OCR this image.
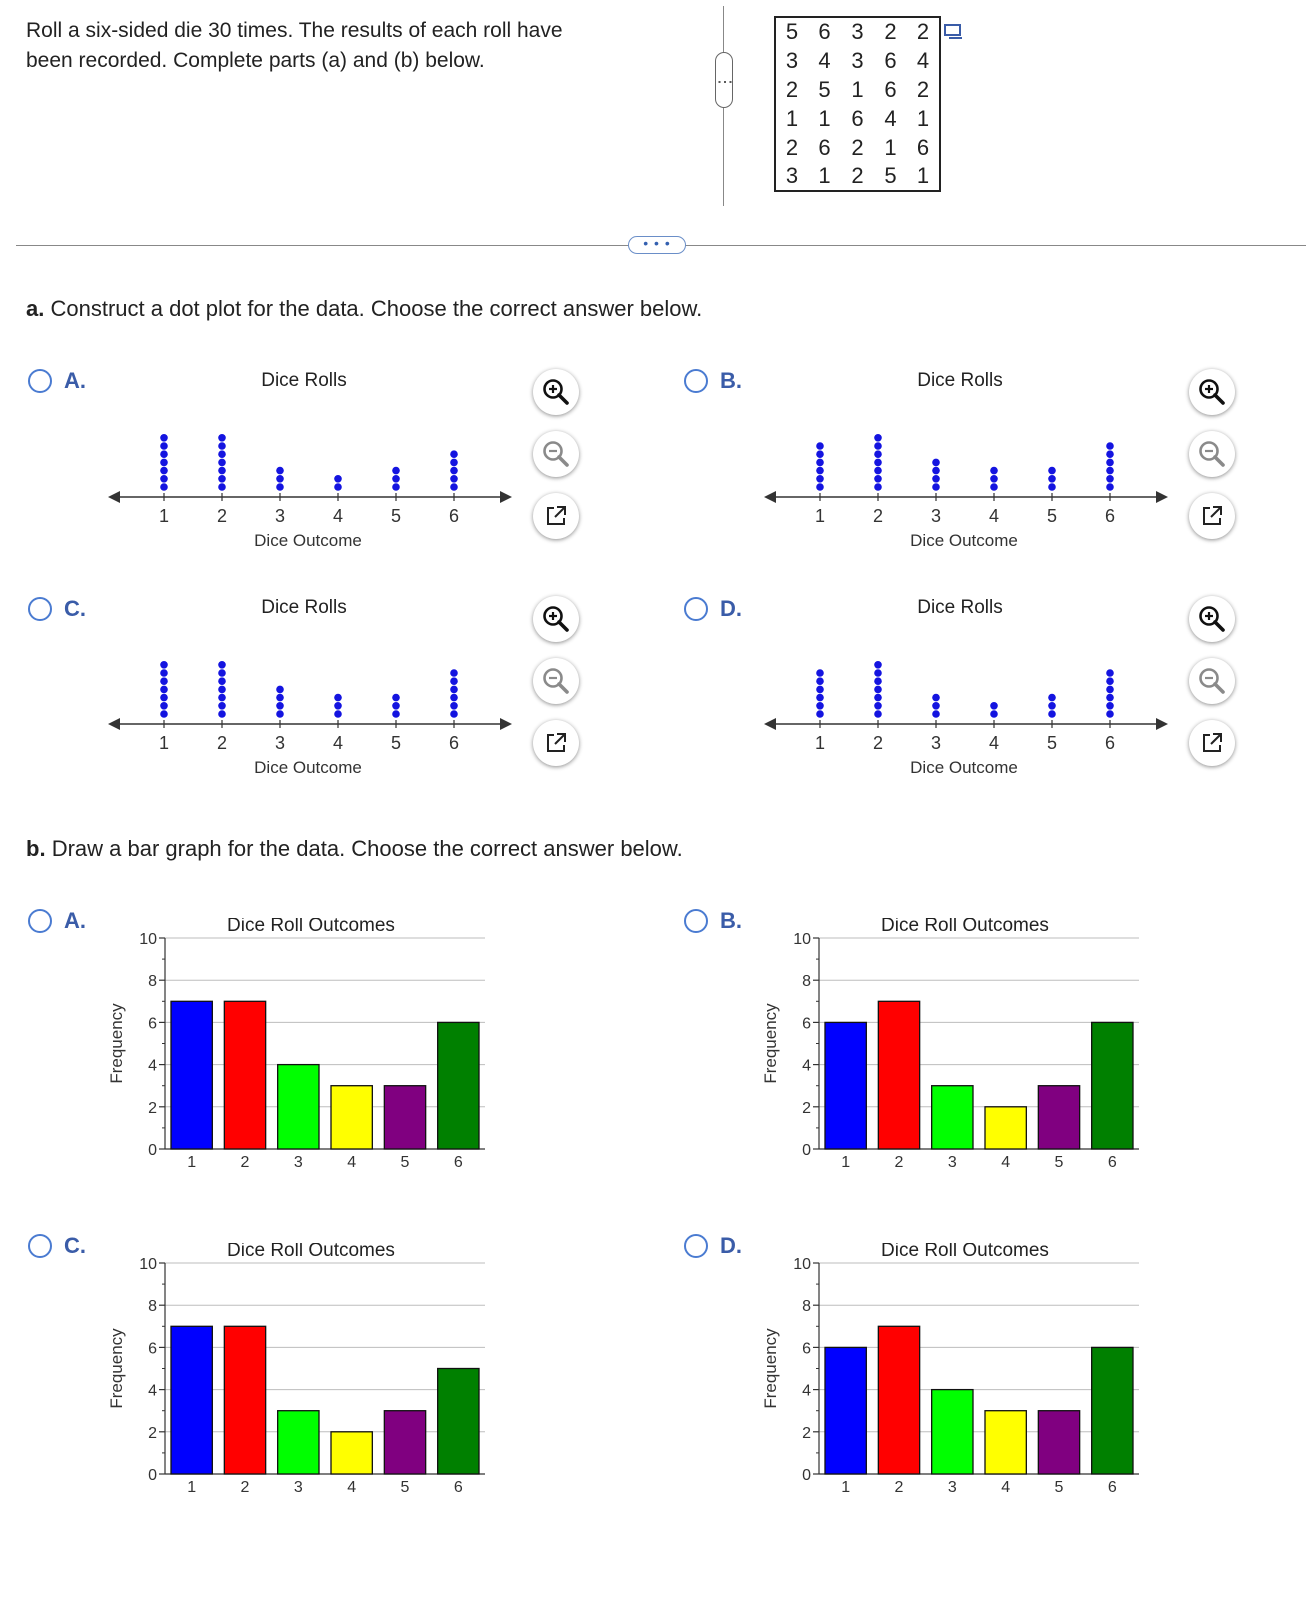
Roll a six-sided die 30 times. The results of each roll have
been recorded. Complete parts (a) and (b) below.
⋮
5	6	3	2	2
3	4	3	6	4
2	5	1	6	2
1	1	6	4	1
2	6	2	1	6
3	1	2	5	1
• • •
a. Construct a dot plot for the data. Choose the correct answer below.
A.	B.
C.	D.
Dice Rolls
1	2	3	4	5	6
Dice Outcome
Dice Rolls
1	2	3	4	5	6
Dice Outcome
Dice Rolls
1	2	3	4	5	6
Dice Outcome
Dice Rolls
1	2	3	4	5	6
Dice Outcome
b. Draw a bar graph for the data. Choose the correct answer below.
A.	B.
C.	D.
Dice Roll Outcomes
0
2
4
6
8
10
Frequency
1	2	3	4	5	6
Dice Roll Outcomes
0
2
4
6
8
10
Frequency
1	2	3	4	5	6
Dice Roll Outcomes
0
2
4
6
8
10
Frequency
1	2	3	4	5	6
Dice Roll Outcomes
0
2
4
6
8
10
Frequency
1	2	3	4	5	6
